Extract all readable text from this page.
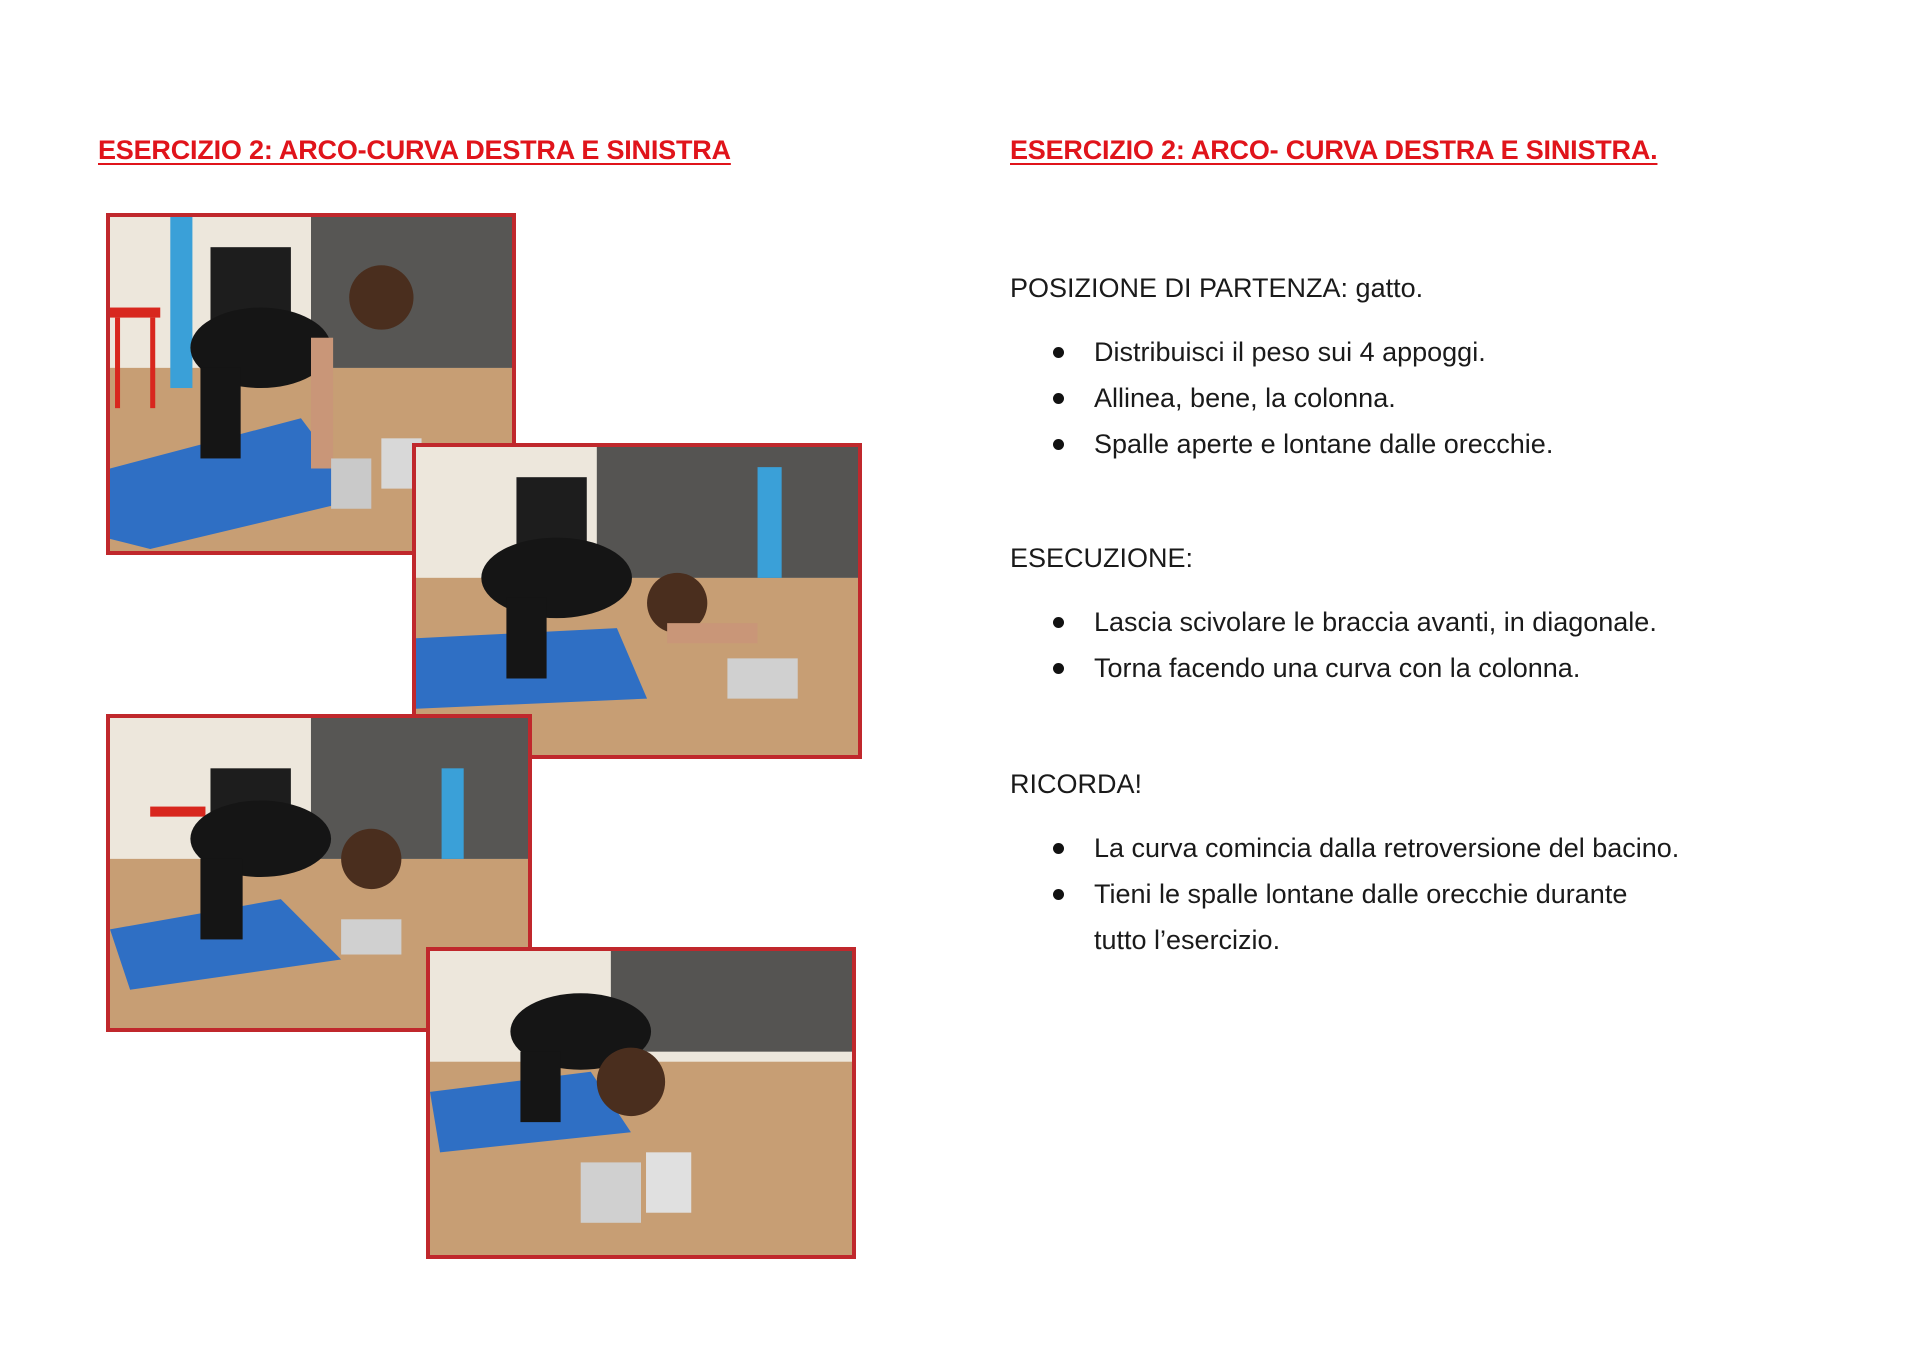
ESERCIZIO 2: ARCO-CURVA DESTRA E SINISTRA	ESERCIZIO 2: ARCO- CURVA DESTRA E SINISTRA.

POSIZIONE DI PARTENZA: gatto.

Distribuisci il peso sui 4 appoggi.
Allinea, bene, la colonna.
Spalle aperte e lontane dalle orecchie.

ESECUZIONE:

Lascia scivolare le braccia avanti, in diagonale.
Torna facendo una curva con la colonna.

RICORDA!

La curva comincia dalla retroversione del bacino.
Tieni le spalle lontane dalle orecchie durante tutto l’esercizio.
